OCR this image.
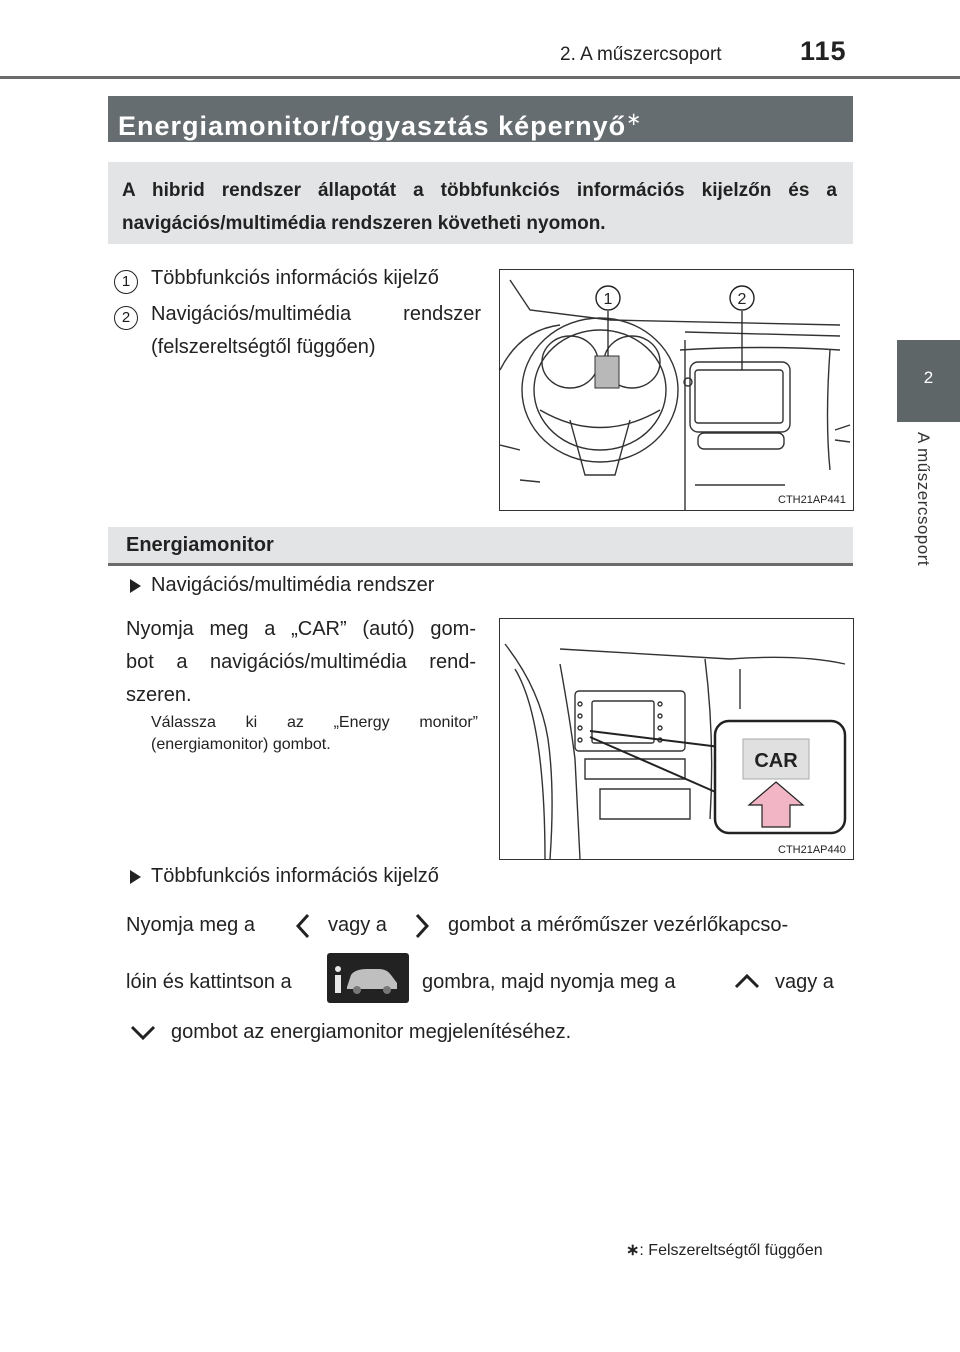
2. A műszercsoport	115
2
A műszercsoport
Energiamonitor/fogyasztás képernyő∗

A hibrid rendszer állapotát a többfunkciós információs kijelzőn és a navigációs/multimédia rendszeren követheti nyomon.

1	Többfunkciós információs kijelző
2	Navigációs/multimédia rendszer
(felszereltségtől függően)
1	2
CTH21AP441
Energiamonitor
Navigációs/multimédia rendszer
Nyomja meg a „CAR” (autó) gom-
bot a navigációs/multimédia rend-
szeren.
Válassza ki az „Energy monitor”
(energiamonitor) gombot.
CAR
CTH21AP440
Többfunkciós információs kijelző
Nyomja meg a	vagy a	gombot a mérőműszer vezérlőkapcso-
lóin és kattintson a	gombra, majd nyomja meg a	vagy a
gombot az energiamonitor megjelenítéséhez.
∗: Felszereltségtől függően
